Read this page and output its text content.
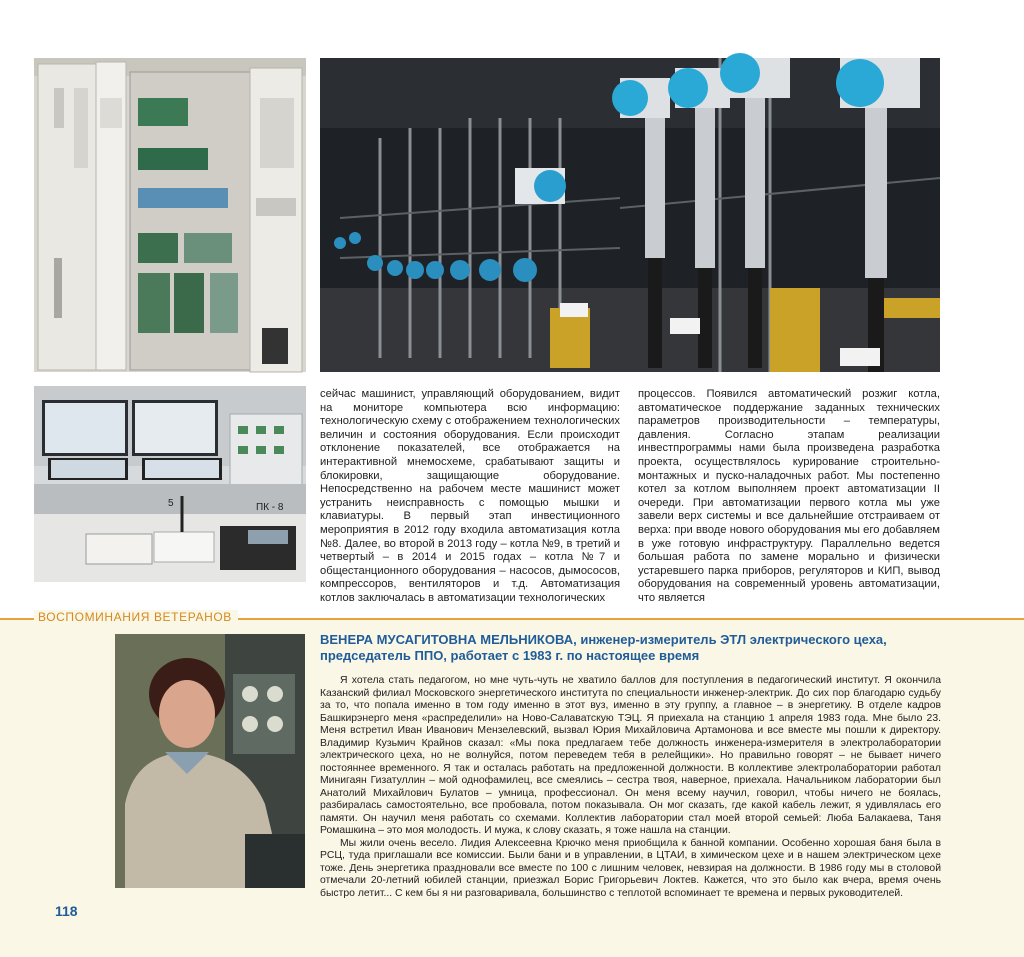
5	ПК - 8

сейчас машинист, управляющий оборудованием, видит на мониторе компьютера всю информацию: технологическую схему с отображением технологических величин и состояния оборудования. Если происходит отклонение показателей, все отображается на интерактивной мнемосхеме, срабатывают защиты и блокировки, защищающие оборудование. Непосредственно на рабочем месте машинист может устранить неисправность с помощью мышки и клавиатуры. В первый этап инвестиционного мероприятия в 2012 году входила автоматизация котла №8. Далее, во второй в 2013 году – котла №9, в третий и четвертый – в 2014 и 2015 годах – котла №7 и общестанционного оборудования – насосов, дымососов, компрессоров, вентиляторов и т.д. Автоматизация котлов заключалась в автоматизации технологических

процессов. Появился автоматический розжиг котла, автоматическое поддержание заданных технических параметров производительности – температуры, давления. Согласно этапам реализации инвестпрограммы нами была произведена разработка проекта, осуществлялось курирование строительно-монтажных и пуско-наладочных работ. Мы постепенно котел за котлом выполняем проект автоматизации II очереди. При автоматизации первого котла мы уже завели верх системы и все дальнейшие отстраиваем от верха: при вводе нового оборудования мы его добавляем в уже готовую инфраструктуру. Параллельно ведется большая работа по замене морально и физически устаревшего парка приборов, регуляторов и КИП, вывод оборудования на современный уровень автоматизации, что является

ВОСПОМИНАНИЯ ВЕТЕРАНОВ
ВЕНЕРА МУСАГИТОВНА МЕЛЬНИКОВА, инженер-измеритель ЭТЛ электрического цеха, председатель ППО, работает с 1983 г. по настоящее время

Я хотела стать педагогом, но мне чуть-чуть не хватило баллов для поступления в педагогический институт. Я окончила Казанский филиал Московского энергетического института по специальности инженер-электрик. До сих пор благодарю судьбу за то, что попала именно в том году именно в этот вуз, именно в эту группу, а главное – в энергетику. В отделе кадров Башкирэнерго меня «распределили» на Ново-Салаватскую ТЭЦ. Я приехала на станцию 1 апреля 1983 года. Мне было 23. Меня встретил Иван Иванович Мензелевский, вызвал Юрия Михайловича Артамонова и все вместе мы пошли к директору. Владимир Кузьмич Крайнов сказал: «Мы пока предлагаем тебе должность инженера-измерителя в электролаборатории электрического цеха, но не волнуйся, потом переведем тебя в релейщики». Но правильно говорят – не бывает ничего постояннее временного. Я так и осталась работать на предложенной должности. В коллективе электролаборатории работал Минигаян Гизатуллин – мой однофамилец, все смеялись – сестра твоя, наверное, приехала. Начальником лаборатории был Анатолий Михайлович Булатов – умница, профессионал. Он меня всему научил, говорил, чтобы ничего не боялась, разбиралась самостоятельно, все пробовала, потом показывала. Он мог сказать, где какой кабель лежит, я удивлялась его памяти. Он научил меня работать со схемами. Коллектив лаборатории стал моей второй семьей: Люба Балакаева, Таня Ромашкина – это моя молодость. И мужа, к слову сказать, я тоже нашла на станции.

Мы жили очень весело. Лидия Алексеевна Крючко меня приобщила к банной компании. Особенно хорошая баня была в РСЦ, туда приглашали все комиссии. Были бани и в управлении, в ЦТАИ, в химическом цехе и в нашем электрическом цехе тоже. День энергетика праздновали все вместе по 100 с лишним человек, невзирая на должности. В 1986 году мы в столовой отмечали 20-летний юбилей станции, приезжал Борис Григорьевич Локтев. Кажется, что это было как вчера, время очень быстро летит... С кем бы я ни разговаривала, большинство с теплотой вспоминает те времена и первых руководителей.

118
